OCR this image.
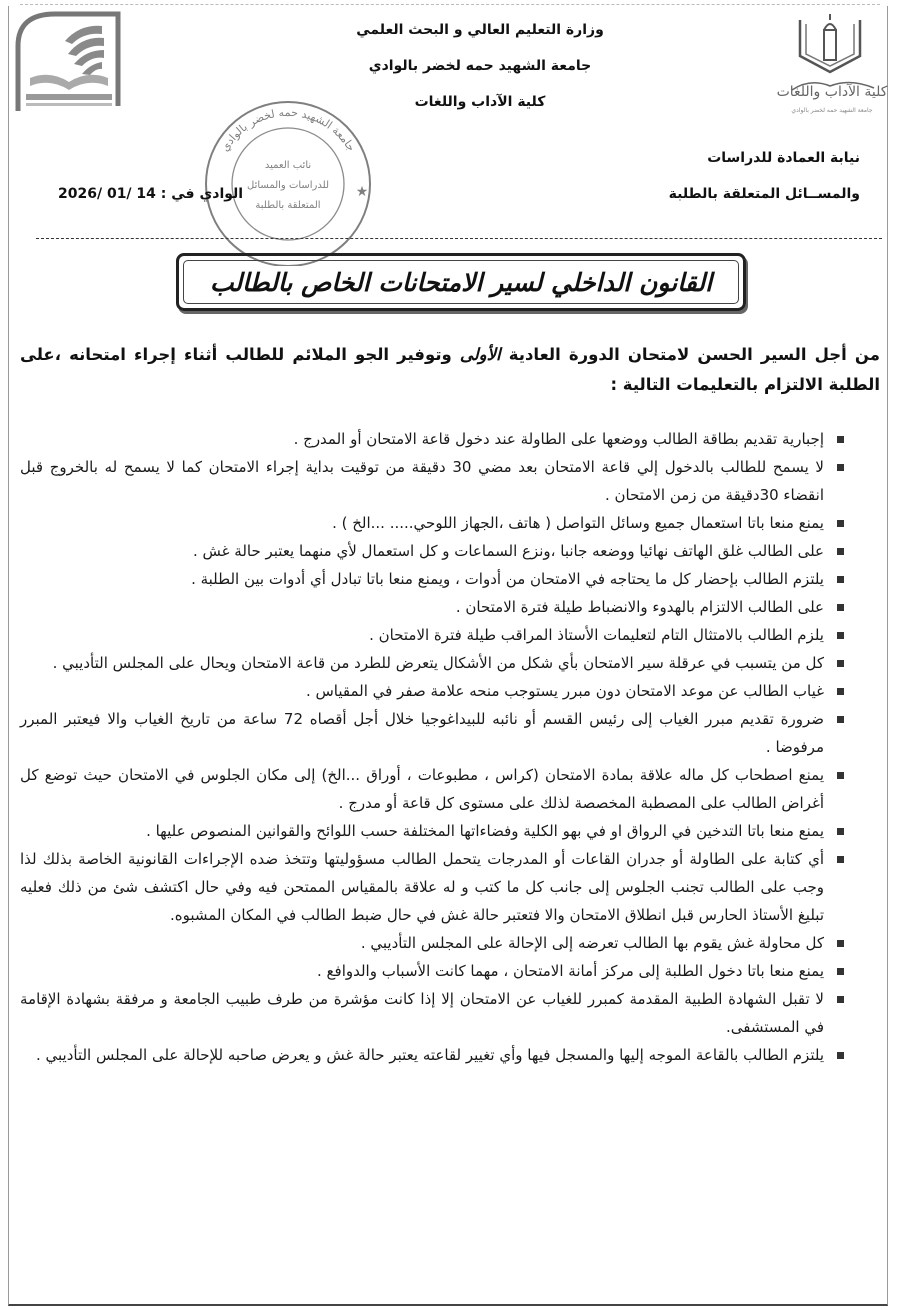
كلية الآداب واللغات
جامعة الشهيد حمه لخضر بالوادي
وزارة التعليم العالي و البحث العلمي
جامعة الشهيد حمه لخضر بالوادي
كلية الآداب واللغات
نيابة العمادة للدراسات
والمســائل المتعلقة بالطلبة
جامعة الشهيد حمه لخضر بالوادي
نائب العميد
للدراسات والمسائل
المتعلقة بالطلبة
★
الوادي في : 2026/ 01/ 14
القانون الداخلي لسير الامتحانات الخاص بالطالب
من أجل السير الحسن لامتحان الدورة العادية الأولى وتوفير الجو الملائم للطالب أثناء إجراء امتحانه ،على الطلبة الالتزام بالتعليمات التالية :
إجبارية تقديم بطاقة الطالب ووضعها على الطاولة عند دخول قاعة الامتحان أو المدرج .
لا يسمح للطالب بالدخول إلي قاعة الامتحان بعد مضي 30 دقيقة من توقيت بداية إجراء الامتحان كما لا يسمح له بالخروج قبل انقضاء 30دقيقة من زمن الامتحان .
يمنع منعا باتا استعمال جميع وسائل التواصل ( هاتف ،الجهاز اللوحي..... ...الخ ) .
على الطالب غلق الهاتف نهائيا ووضعه جانبا ،ونزع السماعات و كل استعمال لأي منهما يعتبر حالة غش .
يلتزم الطالب بإحضار كل ما يحتاجه في الامتحان من أدوات ، ويمنع منعا باتا تبادل أي أدوات بين الطلبة .
على الطالب الالتزام بالهدوء والانضباط طيلة فترة الامتحان .
يلزم الطالب بالامتثال التام لتعليمات الأستاذ المراقب طيلة فترة الامتحان .
كل من يتسبب في عرقلة سير الامتحان بأي شكل من الأشكال يتعرض للطرد من قاعة الامتحان ويحال على المجلس التأديبي .
غياب الطالب عن موعد الامتحان دون مبرر يستوجب منحه علامة صفر في المقياس .
ضرورة تقديم مبرر الغياب إلى رئيس القسم أو نائبه للبيداغوجيا خلال أجل أقصاه 72 ساعة من تاريخ الغياب والا فيعتبر المبرر مرفوضا .
يمنع اصطحاب كل ماله علاقة بمادة الامتحان (كراس ، مطبوعات ، أوراق ...الخ) إلى مكان الجلوس في الامتحان حيث توضع كل أغراض الطالب على المصطبة المخصصة لذلك على مستوى كل قاعة أو مدرج .
يمنع منعا باتا التدخين في الرواق او في بهو الكلية وفضاءاتها المختلفة حسب اللوائح والقوانين المنصوص عليها .
أي كتابة على الطاولة أو جدران القاعات أو المدرجات يتحمل الطالب مسؤوليتها وتتخذ ضده الإجراءات القانونية الخاصة بذلك لذا وجب على الطالب تجنب الجلوس إلى جانب كل ما كتب و له علاقة بالمقياس الممتحن فيه وفي حال اكتشف شئ من ذلك فعليه تبليغ الأستاذ الحارس قبل انطلاق الامتحان والا فتعتبر حالة غش في حال ضبط الطالب في المكان المشبوه.
كل محاولة غش يقوم بها الطالب تعرضه إلى الإحالة على المجلس التأديبي .
يمنع منعا باتا دخول الطلبة إلى مركز أمانة الامتحان ، مهما كانت الأسباب والدوافع .
لا تقبل الشهادة الطبية المقدمة كمبرر للغياب عن الامتحان إلا إذا كانت مؤشرة من طرف طبيب الجامعة و مرفقة بشهادة الإقامة في المستشفى.
يلتزم الطالب بالقاعة الموجه إليها والمسجل فيها وأي تغيير لقاعته يعتبر حالة غش و يعرض صاحبه للإحالة على المجلس التأديبي .
